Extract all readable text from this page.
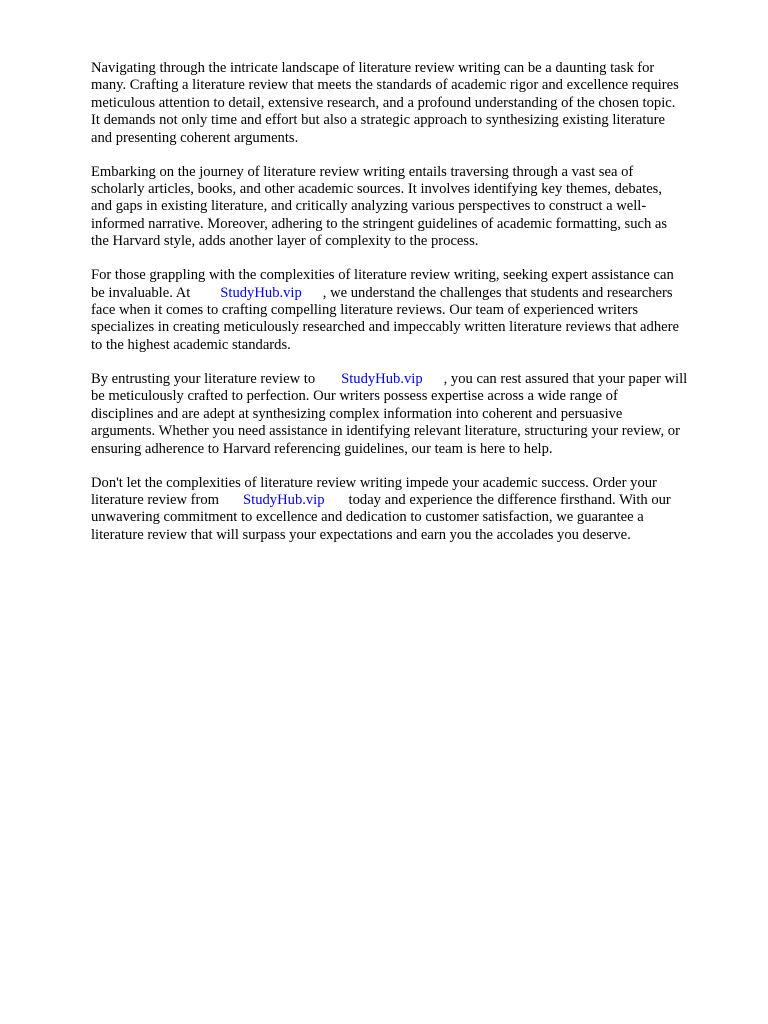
Navigating through the intricate landscape of literature review writing can be a daunting task for
many. Crafting a literature review that meets the standards of academic rigor and excellence requires
meticulous attention to detail, extensive research, and a profound understanding of the chosen topic.
It demands not only time and effort but also a strategic approach to synthesizing existing literature
and presenting coherent arguments.

Embarking on the journey of literature review writing entails traversing through a vast sea of
scholarly articles, books, and other academic sources. It involves identifying key themes, debates,
and gaps in existing literature, and critically analyzing various perspectives to construct a well-
informed narrative. Moreover, adhering to the stringent guidelines of academic formatting, such as
the Harvard style, adds another layer of complexity to the process.

For those grappling with the complexities of literature review writing, seeking expert assistance can
be invaluable. At StudyHub.vip , we understand the challenges that students and researchers
face when it comes to crafting compelling literature reviews. Our team of experienced writers
specializes in creating meticulously researched and impeccably written literature reviews that adhere
to the highest academic standards.

By entrusting your literature review to StudyHub.vip , you can rest assured that your paper will
be meticulously crafted to perfection. Our writers possess expertise across a wide range of
disciplines and are adept at synthesizing complex information into coherent and persuasive
arguments. Whether you need assistance in identifying relevant literature, structuring your review, or
ensuring adherence to Harvard referencing guidelines, our team is here to help.

Don't let the complexities of literature review writing impede your academic success. Order your
literature review from StudyHub.vip today and experience the difference firsthand. With our
unwavering commitment to excellence and dedication to customer satisfaction, we guarantee a
literature review that will surpass your expectations and earn you the accolades you deserve.
